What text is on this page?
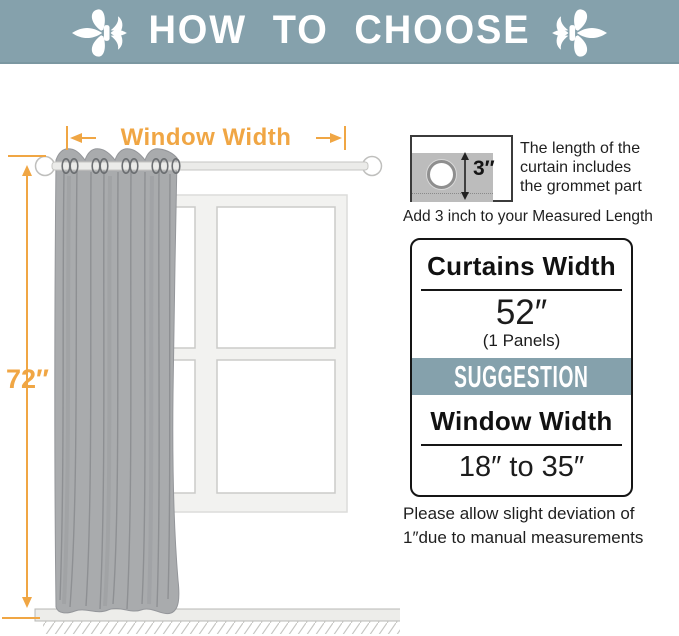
HOW TO CHOOSE
Window Width
72″
3″

The length of the
curtain includes
the grommet part

Add 3 inch to your Measured Length

Curtains Width
52″
(1 Panels)
SUGGESTION
Window Width
18″ to 35″

Please allow slight deviation of
1″due to manual measurements
